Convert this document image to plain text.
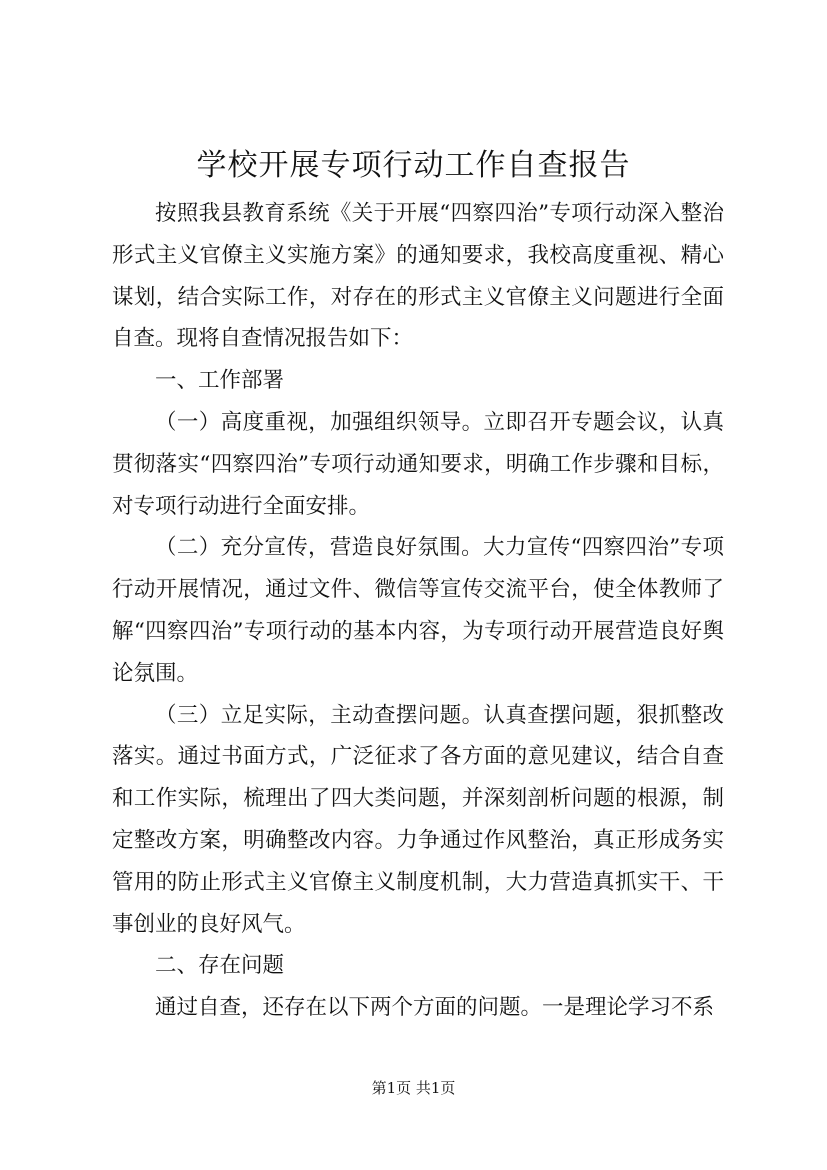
学校开展专项行动工作自查报告

按照我县教育系统《关于开展“四察四治”专项行动深入整治形式主义官僚主义实施方案》的通知要求，我校高度重视、精心谋划，结合实际工作，对存在的形式主义官僚主义问题进行全面自查。现将自查情况报告如下：

一、工作部署

（一）高度重视，加强组织领导。立即召开专题会议，认真贯彻落实“四察四治”专项行动通知要求，明确工作步骤和目标，对专项行动进行全面安排。

（二）充分宣传，营造良好氛围。大力宣传“四察四治”专项行动开展情况，通过文件、微信等宣传交流平台，使全体教师了解“四察四治”专项行动的基本内容，为专项行动开展营造良好舆论氛围。

（三）立足实际，主动查摆问题。认真查摆问题，狠抓整改落实。通过书面方式，广泛征求了各方面的意见建议，结合自查和工作实际，梳理出了四大类问题，并深刻剖析问题的根源，制定整改方案，明确整改内容。力争通过作风整治，真正形成务实管用的防止形式主义官僚主义制度机制，大力营造真抓实干、干事创业的良好风气。

二、存在问题

通过自查，还存在以下两个方面的问题。一是理论学习不系

第1页 共1页
